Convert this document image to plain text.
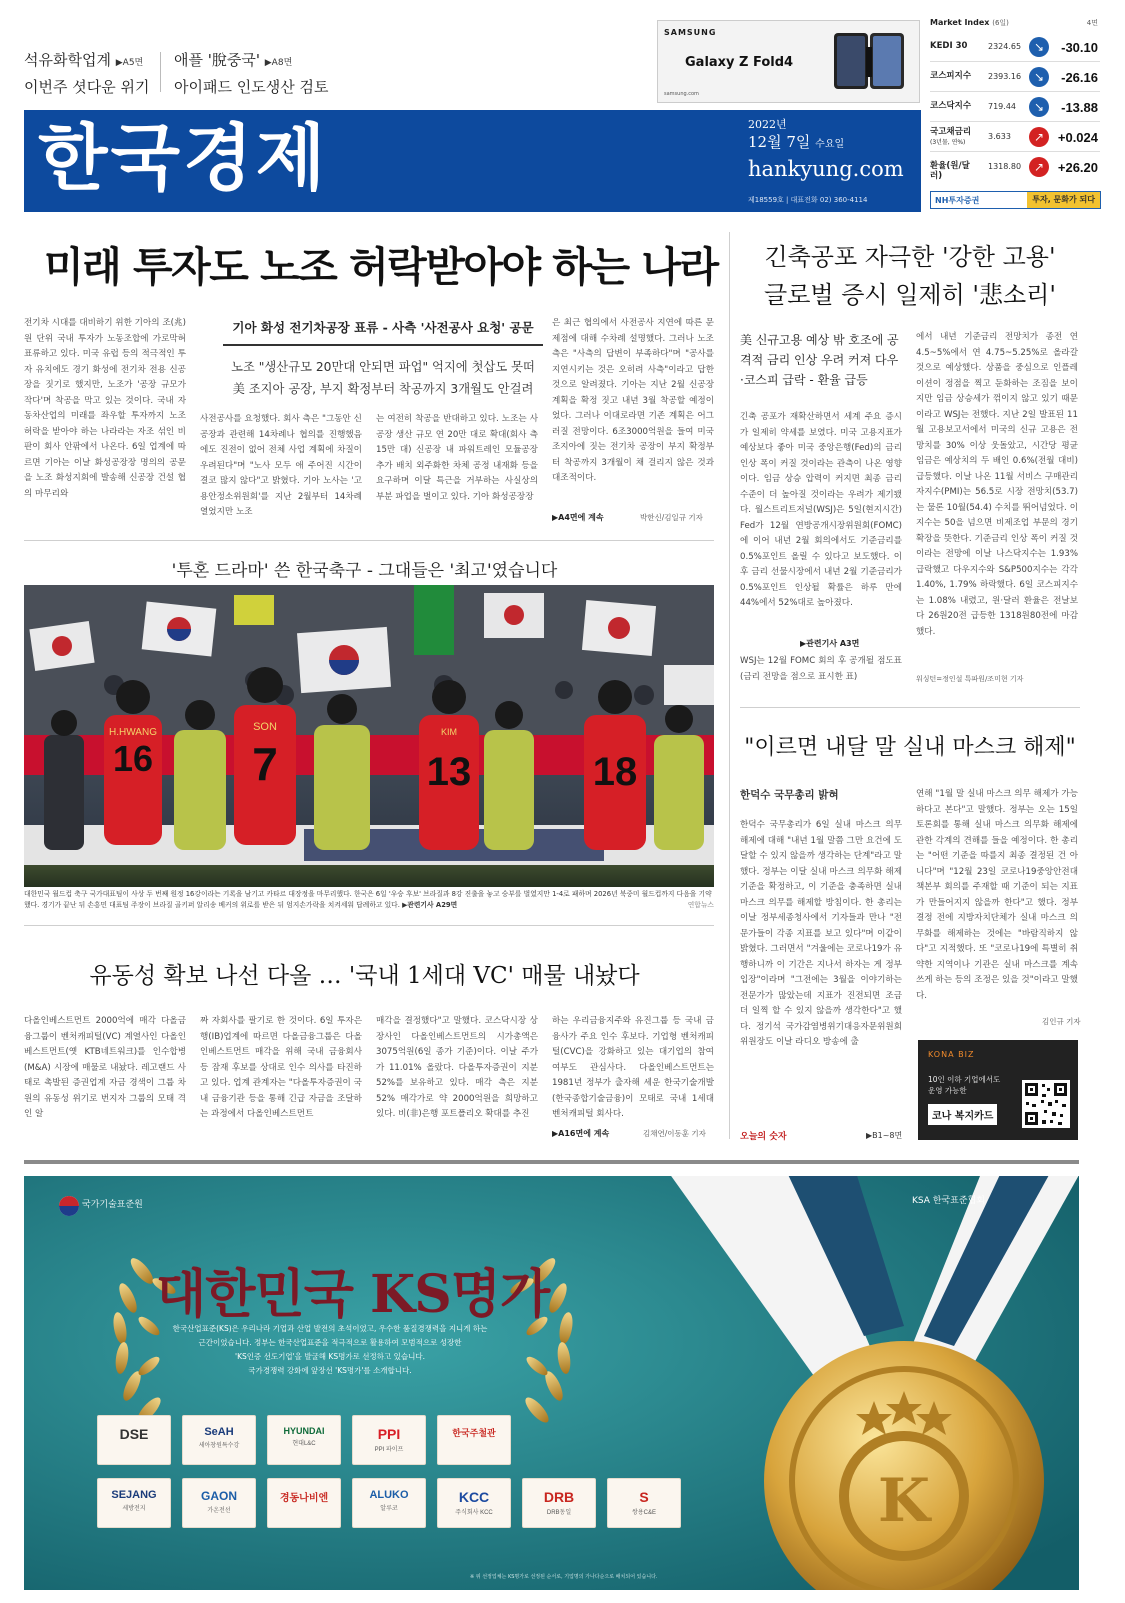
석유화학업계 ▶A5면
이번주 셧다운 위기
애플 '脫중국' ▶A8면
아이패드 인도생산 검토
SAMSUNG
Galaxy Z Fold4
samsung.com
한국경제	2022년
12월 7일 수요일
hankyung.com
제18559호 | 대표전화 02) 360-4114
Market Index (6일)	4면
KEDI 30	2324.65	↘	-30.10
코스피지수	2393.16	↘	-26.16
코스닥지수	719.44	↘	-13.88
국고채금리
(3년물, 연%)
3.633	↗	+0.024
환율(원/달러)
1318.80	↗	+26.20
NH투자증권	투자, 문화가 되다
미래 투자도 노조 허락받아야 하는 나라
전기차 시대를 대비하기 위한 기아의 조(兆)원 단위 국내 투자가 노동조합에 가로막혀 표류하고 있다. 미국 유럽 등의 적극적인 투자 유치에도 경기 화성에 전기차 전용 신공장을 짓기로 했지만, 노조가 '공장 규모가 작다'며 착공을 막고 있는 것이다. 국내 자동차산업의 미래를 좌우할 투자까지 노조 허락을 받아야 하는 나라라는 자조 섞인 비판이 회사 안팎에서 나온다. 6일 업계에 따르면 기아는 이날 화성공장장 명의의 공문을 노조 화성지회에 발송해 신공장 건설 협의 마무리와
기아 화성 전기차공장 표류 - 사측 '사전공사 요청' 공문
노조 "생산규모 20만대 안되면 파업" 억지에 첫삽도 못떠
美 조지아 공장, 부지 확정부터 착공까지 3개월도 안걸려
사전공사를 요청했다. 회사 측은 "그동안 신공장과 관련해 14차례나 협의를 진행했음에도 진전이 없어 전체 사업 계획에 차질이 우려된다"며 "노사 모두 애 주어진 시간이 결코 많지 않다"고 밝혔다. 기아 노사는 '고용안정소위원회'를 지난 2월부터 14차례 열었지만 노조
는 여전히 착공을 반대하고 있다. 노조는 사공장 생산 규모 연 20만 대로 확대(회사 측 15만 대) 신공장 내 파워트레인 모듈공장 추가 배치 외주화한 차체 공정 내재화 등을 요구하며 이달 특근을 거부하는 사실상의 부분 파업을 벌이고 있다. 기아 화성공장장
은 최근 협의에서 사전공사 지연에 따른 문제점에 대해 수차례 설명했다. 그러나 노조 측은 "사측의 답변이 부족하다"며 "공사를 지연시키는 것은 오히려 사측"이라고 답한 것으로 알려졌다. 기아는 지난 2월 신공장 계획을 확정 짓고 내년 3월 착공할 예정이었다. 그러나 이대로라면 기존 계획은 어그러질 전망이다. 6조3000억원을 들여 미국 조지아에 짓는 전기차 공장이 부지 확정부터 착공까지 3개월이 채 걸리지 않은 것과 대조적이다.
▶A4면에 계속	박한신/김일규 기자
'투혼 드라마' 쓴 한국축구 - 그대들은 '최고'였습니다
16
H.HWANG
7
SON
13
KIM
18
대한민국 월드컵 축구 국가대표팀이 사상 두 번째 원정 16강이라는 기록을 남기고 카타르 대장정을 마무리했다. 한국은 6일 '우승 후보' 브라질과 8강 진출을 놓고 승부를 벌였지만 1-4로 패하며 2026년 북중미 월드컵까지 다음을 기약했다. 경기가 끝난 뒤 손흥민 대표팀 주장이 브라질 골키퍼 알리송 베커의 위로를 받은 뒤 엄지손가락을 치켜세워 답례하고 있다. ▶관련기사 A29면	연합뉴스
유동성 확보 나선 다올 … '국내 1세대 VC' 매물 내놨다
다올인베스트먼트 2000억에 매각 다올금융그룹이 벤처캐피털(VC) 계열사인 다올인베스트먼트(옛 KTB네트워크)를 인수합병(M&A) 시장에 매물로 내놨다. 레고랜드 사태로 촉발된 증권업계 자금 경색이 그룹 차원의 유동성 위기로 번지자 그룹의 모태 격인 알
짜 자회사를 팔기로 한 것이다. 6일 투자은행(IB)업계에 따르면 다올금융그룹은 다올인베스트먼트 매각을 위해 국내 금융회사 등 잠재 후보를 상대로 인수 의사를 타진하고 있다. 업계 관계자는 "다올투자증권이 국내 금융기관 등을 통해 긴급 자금을 조달하는 과정에서 다올인베스트먼트
매각을 결정했다"고 말했다. 코스닥시장 상장사인 다올인베스트먼트의 시가총액은 3075억원(6일 종가 기준)이다. 이날 주가가 11.01% 올랐다. 다올투자증권이 지분 52%를 보유하고 있다. 매각 측은 지분 52% 매각가로 약 2000억원을 희망하고 있다. 비(非)은행 포트폴리오 확대를 추진
하는 우리금융지주와 유진그룹 등 국내 금융사가 주요 인수 후보다. 기업형 벤처캐피털(CVC)을 강화하고 있는 대기업의 참여 여부도 관심사다. 다올인베스트먼트는 1981년 정부가 출자해 세운 한국기술개발(한국종합기술금융)이 모태로 국내 1세대 벤처캐피털 회사다.
▶A16면에 계속	김채연/이동훈 기자
긴축공포 자극한 '강한 고용'
글로벌 증시 일제히 '悲소리'
美 신규고용 예상 밖 호조에 공격적 금리 인상 우려 커져 다우·코스피 급락 - 환율 급등
긴축 공포가 재확산하면서 세계 주요 증시가 일제히 약세를 보였다. 미국 고용지표가 예상보다 좋아 미국 중앙은행(Fed)의 금리 인상 폭이 커질 것이라는 관측이 나온 영향이다. 임금 상승 압력이 커지면 최종 금리 수준이 더 높아질 것이라는 우려가 제기됐다. 월스트리트저널(WSJ)은 5일(현지시간) Fed가 12월 연방공개시장위원회(FOMC)에 이어 내년 2월 회의에서도 기준금리를 0.5%포인트 올릴 수 있다고 보도했다. 이후 금리 선물시장에서 내년 2월 기준금리가 0.5%포인트 인상될 확률은 하루 만에 44%에서 52%대로 높아졌다.
▶관련기사 A3면
WSJ는 12월 FOMC 회의 후 공개될 점도표(금리 전망을 점으로 표시한 표)
에서 내년 기준금리 전망치가 종전 연 4.5~5%에서 연 4.75~5.25%로 올라갈 것으로 예상했다. 상품을 중심으로 인플레이션이 정점을 찍고 둔화하는 조짐을 보이지만 임금 상승세가 꺾이지 않고 있기 때문이라고 WSJ는 전했다. 지난 2일 발표된 11월 고용보고서에서 미국의 신규 고용은 전망치를 30% 이상 웃돌았고, 시간당 평균 임금은 예상치의 두 배인 0.6%(전월 대비) 급등했다. 이날 나온 11월 서비스 구매관리자지수(PMI)는 56.5로 시장 전망치(53.7)는 물론 10월(54.4) 수치를 뛰어넘었다. 이 지수는 50을 넘으면 비제조업 부문의 경기 확장을 뜻한다. 기준금리 인상 폭이 커질 것이라는 전망에 이날 나스닥지수는 1.93% 급락했고 다우지수와 S&P500지수는 각각 1.40%, 1.79% 하락했다. 6일 코스피지수는 1.08% 내렸고, 원·달러 환율은 전날보다 26원20전 급등한 1318원80전에 마감했다.
워싱턴=정인설 특파원/조미현 기자
"이르면 내달 말 실내 마스크 해제"
한덕수 국무총리 밝혀
한덕수 국무총리가 6일 실내 마스크 의무 해제에 대해 "내년 1월 말쯤 그만 요건에 도달할 수 있지 않을까 생각하는 단계"라고 말했다. 정부는 이달 실내 마스크 의무화 해제 기준을 확정하고, 이 기준을 충족하면 실내 마스크 의무를 해제할 방침이다. 한 총리는 이날 정부세종청사에서 기자들과 만나 "전문가들이 각종 지표를 보고 있다"며 이같이 밝혔다. 그러면서 "겨울에는 코로나19가 유행하니까 이 기간은 지나서 하자는 게 정부 입장"이라며 "그전에는 3월을 이야기하는 전문가가 많았는데 지표가 진전되면 조금 더 일찍 할 수 있지 않을까 생각한다"고 했다. 정기석 국가감염병위기대응자문위원회 위원장도 이날 라디오 방송에 출
연해 "1월 말 실내 마스크 의무 해제가 가능하다고 본다"고 말했다. 정부는 오는 15일 토론회를 통해 실내 마스크 의무화 해제에 관한 각계의 견해를 들을 예정이다. 한 총리는 "어떤 기준을 따를지 최종 결정된 건 아니다"며 "12월 23일 코로나19중앙안전대책본부 회의를 주재할 때 기준이 되는 지표가 만들어지지 않을까 한다"고 했다. 정부 결정 전에 지방자치단체가 실내 마스크 의무화를 해제하는 것에는 "바람직하지 않다"고 지적했다. 또 "코로나19에 특별히 취약한 지역이나 기관은 실내 마스크를 계속 쓰게 하는 등의 조정은 있을 것"이라고 말했다.
김인규 기자
KONA BIZ
10인 이하 기업에서도 운영 가능한
코나 복지카드
오늘의 숫자	▶B1~8면
K
국가기술표준원	KSA 한국표준협회
대한민국 KS명가
한국산업표준(KS)은 우리나라 기업과 산업 발전의 초석이었고, 우수한 품질경쟁력을 지니게 하는
근간이었습니다. 정부는 한국산업표준을 적극적으로 활용하여 모범적으로 성장한
'KS인증 선도기업'을 발굴해 KS명가로 선정하고 있습니다.
국가경쟁력 강화에 앞장선 'KS명가'를 소개합니다.
DSE	SeAH
세아창원특수강
HYUNDAI
현대L&C
PPI
PPI 파이프
한국주철관
SEJANG
세방전지
GAON
가온전선
경동나비엔	ALUKO
알루코
KCC
주식회사 KCC
DRB
DRB동일
S
쌍용C&E
※ 위 선정업체는 KS명가로 선정된 순서로, 기업명의 가나다순으로 배치되어 있습니다.
